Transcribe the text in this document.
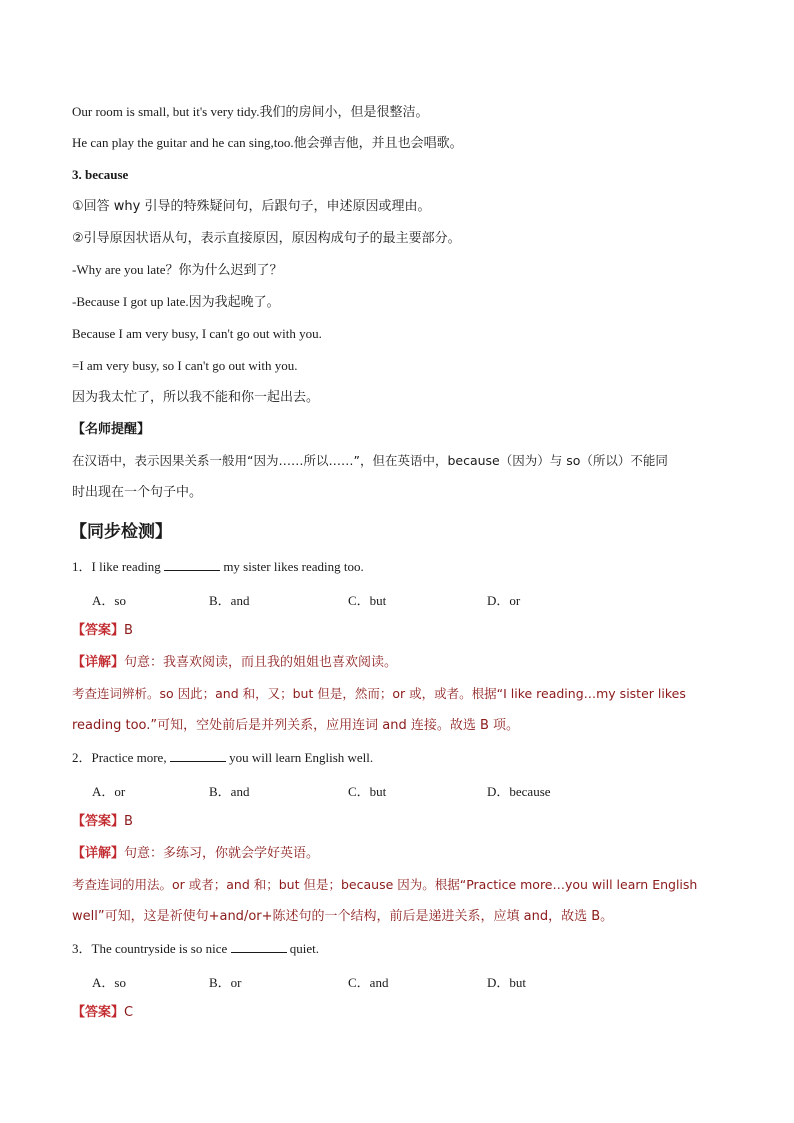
Our room is small, but it's very tidy.我们的房间小，但是很整洁。
He can play the guitar and he can sing,too.他会弹吉他，并且也会唱歌。
3. because
①回答 why 引导的特殊疑问句，后跟句子，申述原因或理由。
②引导原因状语从句，表示直接原因，原因构成句子的最主要部分。
-Why are you late？你为什么迟到了？
-Because I got up late.因为我起晚了。
Because I am very busy, I can't go out with you.
=I am very busy, so I can't go out with you.
因为我太忙了，所以我不能和你一起出去。
【名师提醒】
在汉语中，表示因果关系一般用“因为……所以……”，但在英语中，because（因为）与 so（所以）不能同
时出现在一个句子中。
【同步检测】
1．I like reading	my sister likes reading too.
A．so	B．and	C．but	D．or
【答案】B
【详解】句意：我喜欢阅读，而且我的姐姐也喜欢阅读。
考查连词辨析。so 因此；and 和，又；but 但是，然而；or 或，或者。根据“I like reading…my sister likes
reading too.”可知，空处前后是并列关系，应用连词 and 连接。故选 B 项。
2．Practice more,	you will learn English well.
A．or	B．and	C．but	D．because
【答案】B
【详解】句意：多练习，你就会学好英语。
考查连词的用法。or 或者；and 和；but 但是；because 因为。根据“Practice more…you will learn English
well”可知，这是祈使句+and/or+陈述句的一个结构，前后是递进关系，应填 and，故选 B。
3．The countryside is so nice	quiet.
A．so	B．or	C．and	D．but
【答案】C
